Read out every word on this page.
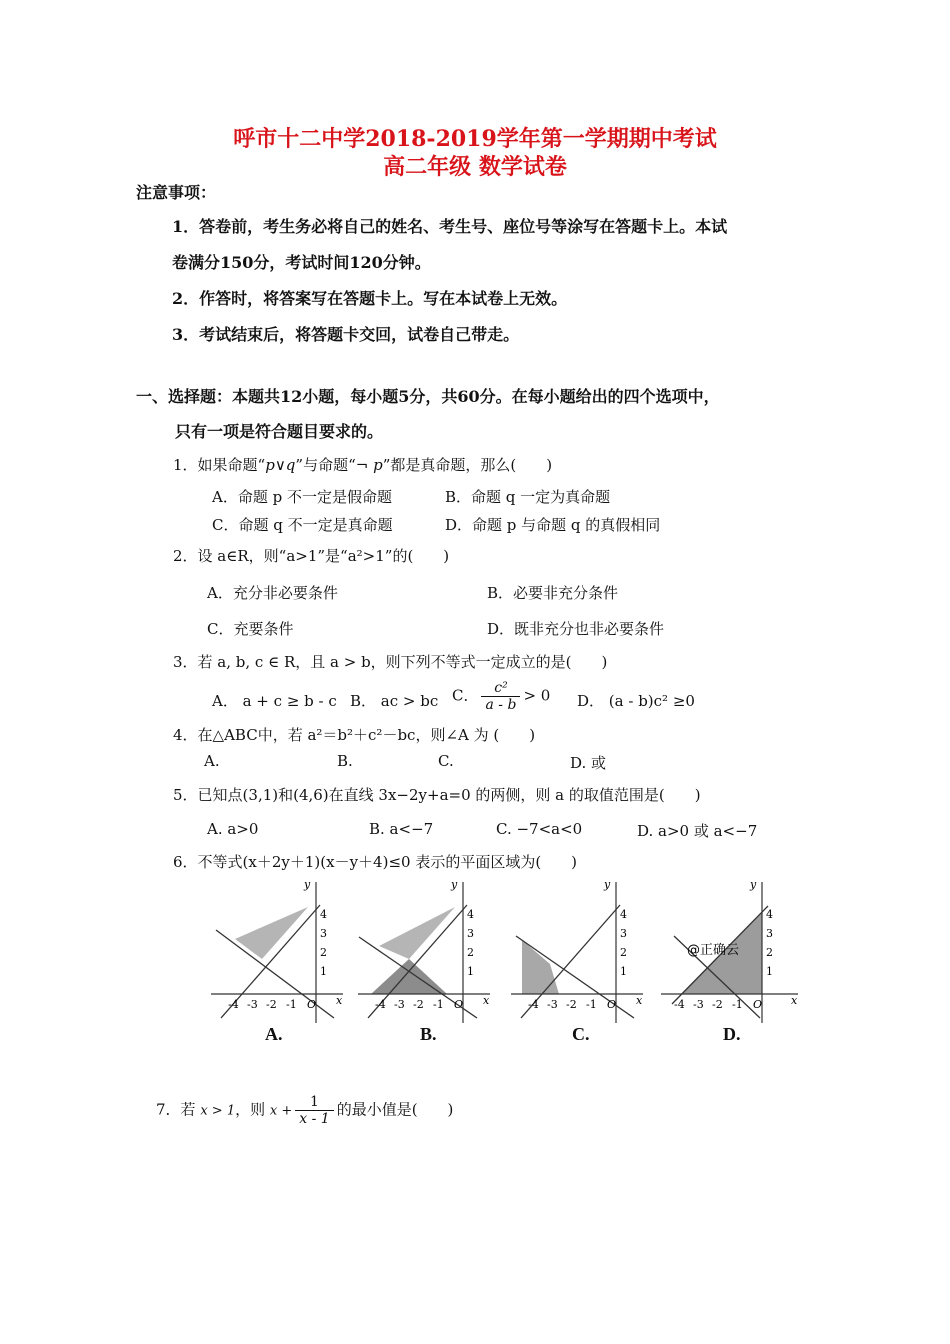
呼市十二中学2018-2019学年第一学期期中考试
高二年级 数学试卷
注意事项：
1．答卷前，考生务必将自己的姓名、考生号、座位号等涂写在答题卡上。本试
卷满分150分，考试时间120分钟。
2．作答时，将答案写在答题卡上。写在本试卷上无效。
3．考试结束后，将答题卡交回，试卷自己带走。
一、选择题：本题共12小题，每小题5分，共60分。在每小题给出的四个选项中，
只有一项是符合题目要求的。
1．如果命题“p∨q”与命题“¬ p”都是真命题，那么(　　)
A．命题 p 不一定是假命题	B．命题 q 一定为真命题
C．命题 q 不一定是真命题	D．命题 p 与命题 q 的真假相同
2．设 a∈R，则“a>1”是“a²>1”的(　　)
A．充分非必要条件	B．必要非充分条件
C．充要条件	D．既非充分也非必要条件
3．若 a, b, c ∈ R，且 a > b，则下列不等式一定成立的是(　　)
A． a + c ≥ b - c B． ac > bc C． $\frac{\text{c²}}{a - b} > 0$ D． (a - b)c² ≥0
4．在△ABC中，若 a²＝b²＋c²－bc，则∠A 为 (　　)
A.	B.	C.	D. 或
5．已知点(3,1)和(4,6)在直线 3x−2y+a=0 的两侧，则 a 的取值范围是(　　)
A. a>0	B. a<−7	C. −7<a<0	D. a>0 或 a<−7
6．不等式(x＋2y＋1)(x－y＋4)≤0 表示的平面区域为(　　)
y
x
O
4
3
2
1
-4 -3 -2 -1
A.
y
x
O
4
3
2
1
-4 -3 -2 -1
B.
y
x
O
4
3
2
1
-4 -3 -2 -1
C.
@正确云
y
x
O
4
3
2
1
-4 -3 -2 -1
D.
7．若 x > 1，则 $x + \frac{1}{x - 1}$ 的最小值是(　　)
